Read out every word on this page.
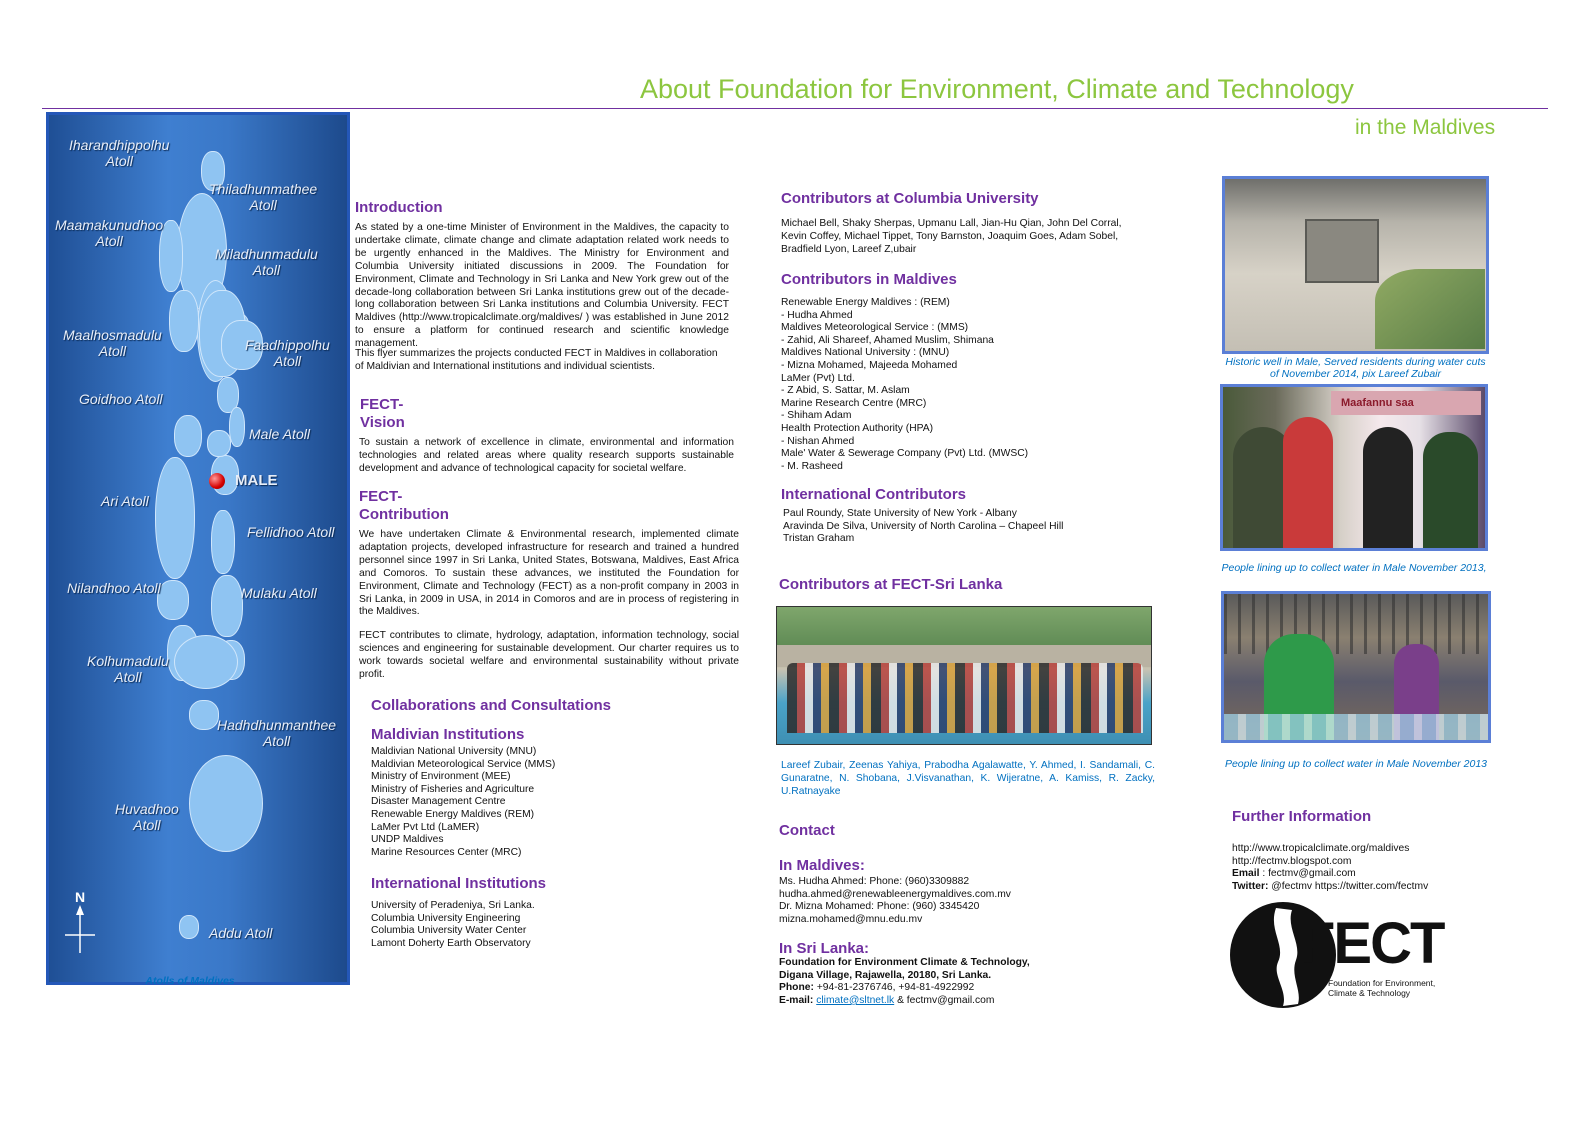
About Foundation for Environment, Climate and Technology
in the Maldives
Iharandhippolhu
Atoll
Thiladhunmathee
Atoll
Maamakunudhoo
Atoll
Miladhunmadulu
Atoll
Maalhosmadulu
Atoll	Faadhippolhu
Atoll
Goidhoo Atoll
Male Atoll
MALE
Ari Atoll
Fellidhoo Atoll
Nilandhoo Atoll	Mulaku Atoll
Kolhumadulu
Atoll
Hadhdhunmanthee
Atoll
Huvadhoo
Atoll
Addu Atoll
N
Atolls of Maldives
Introduction
As stated by a one-time Minister of Environment in the Maldives, the capacity to undertake climate, climate change and climate adaptation related work needs to be urgently enhanced in the Maldives. The Ministry for Environment and Columbia University initiated discussions in 2009. The Foundation for Environment, Climate and Technology in Sri Lanka and New York grew out of the decade-long collaboration between Sri Lanka institutions grew out of the decade-long collaboration between Sri Lanka institutions and Columbia University. FECT Maldives (http://www.tropicalclimate.org/maldives/ ) was established in June 2012 to ensure a platform for continued research and scientific knowledge management.
This flyer summarizes the projects conducted FECT in Maldives in collaboration of Maldivian and International institutions and individual scientists.
FECT-
Vision
To sustain a network of excellence in climate, environmental and information technologies and related areas where quality research supports sustainable development and advance of technological capacity for societal welfare.
FECT-
Contribution
We have undertaken Climate & Environmental research, implemented climate adaptation projects, developed infrastructure for research and trained a hundred personnel since 1997 in Sri Lanka, United States, Botswana, Maldives, East Africa and Comoros. To sustain these advances, we instituted the Foundation for Environment, Climate and Technology (FECT) as a non-profit company in 2003 in Sri Lanka, in 2009 in USA, in 2014 in Comoros and are in process of registering in the Maldives.
FECT contributes to climate, hydrology, adaptation, information technology, social sciences and engineering for sustainable development. Our charter requires us to work towards societal welfare and environmental sustainability without private profit.
Collaborations and Consultations
Maldivian Institutions
Maldivian National University (MNU)
Maldivian Meteorological Service (MMS)
Ministry of Environment (MEE)
Ministry of Fisheries and Agriculture
Disaster Management Centre
Renewable Energy Maldives (REM)
LaMer Pvt Ltd (LaMER)
UNDP Maldives
Marine Resources Center (MRC)
International Institutions
University of Peradeniya, Sri Lanka.
Columbia University Engineering
Columbia University Water Center
Lamont Doherty Earth Observatory
Contributors at Columbia University
Michael Bell, Shaky Sherpas, Upmanu Lall, Jian-Hu Qian, John Del Corral, Kevin Coffey, Michael Tippet, Tony Barnston, Joaquim Goes, Adam Sobel, Bradfield Lyon, Lareef Z,ubair
Contributors in Maldives
Renewable Energy Maldives : (REM)
- Hudha Ahmed
Maldives Meteorological Service : (MMS)
- Zahid, Ali Shareef, Ahamed Muslim, Shimana
Maldives National University : (MNU)
- Mizna Mohamed, Majeeda Mohamed
LaMer (Pvt) Ltd.
- Z Abid, S. Sattar, M. Aslam
Marine Research Centre (MRC)
- Shiham Adam
Health Protection Authority (HPA)
- Nishan Ahmed
Male' Water & Sewerage Company (Pvt) Ltd. (MWSC)
- M. Rasheed
International Contributors
Paul Roundy, State University of New York - Albany
Aravinda De Silva, University of North Carolina – Chapeel Hill
Tristan Graham
Contributors at FECT-Sri Lanka
Lareef Zubair, Zeenas Yahiya, Prabodha Agalawatte, Y. Ahmed, I. Sandamali, C. Gunaratne, N. Shobana, J.Visvanathan, K. Wijeratne, A. Kamiss, R. Zacky, U.Ratnayake
Contact
In Maldives:
Ms. Hudha Ahmed: Phone: (960)3309882
hudha.ahmed@renewableenergymaldives.com.mv
Dr. Mizna Mohamed: Phone: (960) 3345420
mizna.mohamed@mnu.edu.mv
In Sri Lanka:
Foundation for Environment Climate & Technology,
Digana Village, Rajawella, 20180, Sri Lanka.
Phone: +94-81-2376746, +94-81-4922992
E-mail: climate@sltnet.lk & fectmv@gmail.com
Historic well in Male, Served residents during water cuts of November 2014, pix Lareef Zubair
Maafannu saa
People lining up to collect water in Male November 2013,
People lining up to collect water in Male November 2013
Further Information
http://www.tropicalclimate.org/maldives
http://fectmv.blogspot.com
Email : fectmv@gmail.com
Twitter: @fectmv https://twitter.com/fectmv
FECT
Foundation for Environment,
Climate & Technology
